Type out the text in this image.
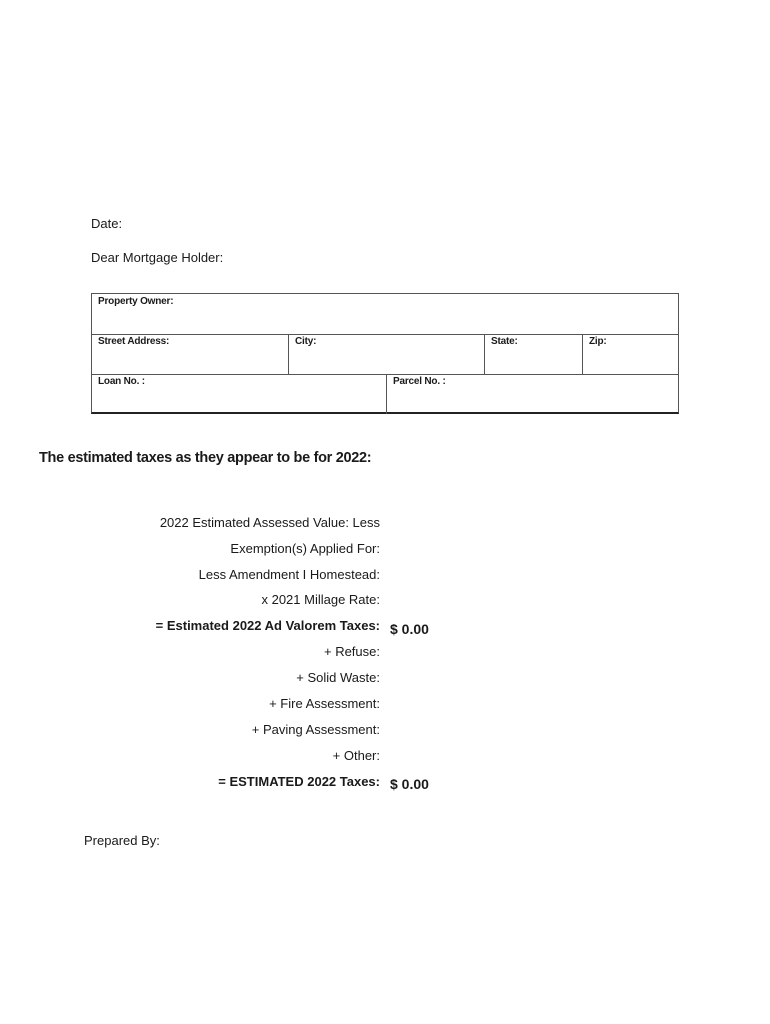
Date:
Dear Mortgage Holder:
Property Owner:
Street Address:	City:	State:	Zip:
Loan No. :	Parcel No. :
The estimated taxes as they appear to be for 2022:
2022 Estimated Assessed Value: Less
Exemption(s) Applied For:
Less Amendment I Homestead:
x 2021 Millage Rate:
= Estimated 2022 Ad Valorem Taxes: $ 0.00
+ Refuse:
+ Solid Waste:
+ Fire Assessment:
+ Paving Assessment:
+ Other:
= ESTIMATED 2022 Taxes: $ 0.00
Prepared By:
